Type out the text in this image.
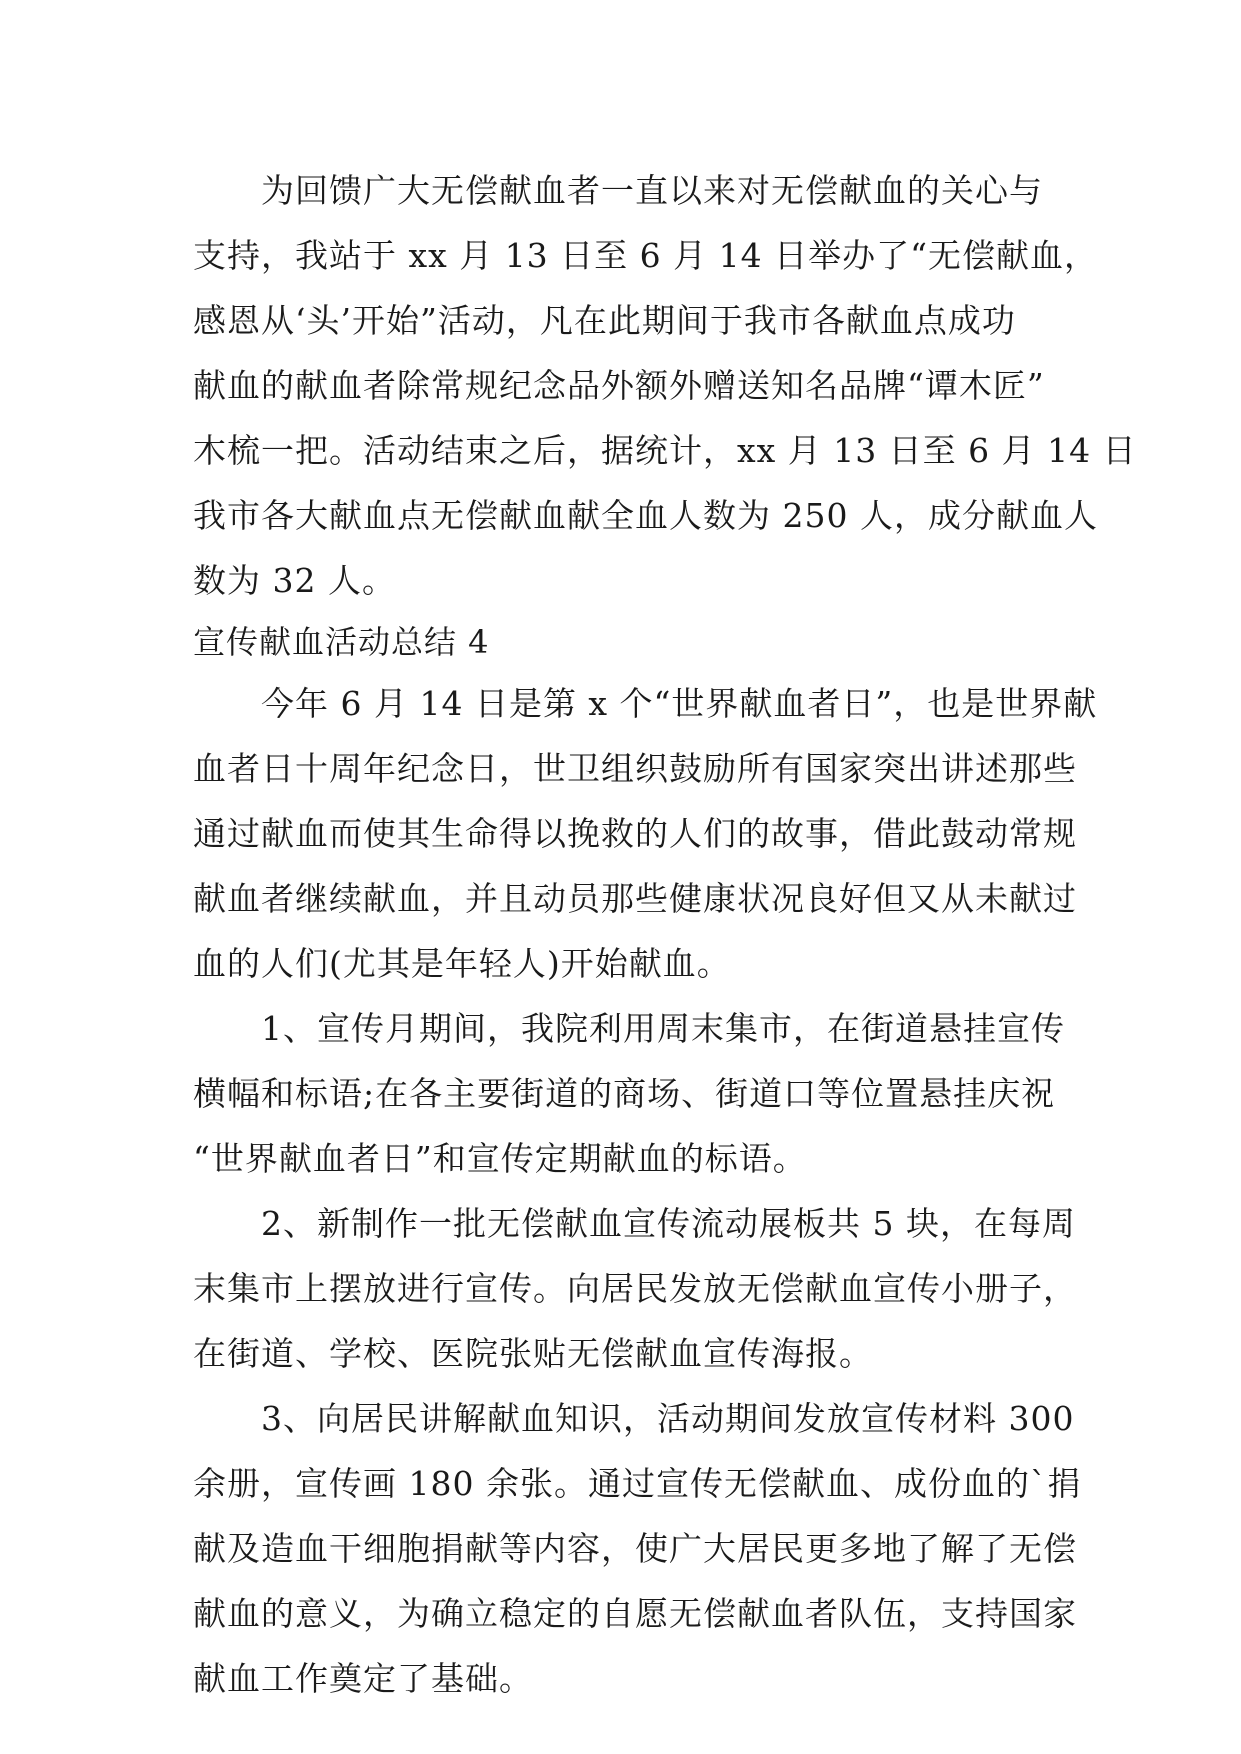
为回馈广大无偿献血者一直以来对无偿献血的关心与
支持，我站于 xx 月 13 日至 6 月 14 日举办了“无偿献血，
感恩从‘头’开始”活动，凡在此期间于我市各献血点成功
献血的献血者除常规纪念品外额外赠送知名品牌“谭木匠”
木梳一把。活动结束之后，据统计，xx 月 13 日至 6 月 14 日
我市各大献血点无偿献血献全血人数为 250 人，成分献血人
数为 32 人。
宣传献血活动总结 4
今年 6 月 14 日是第 x 个“世界献血者日”，也是世界献
血者日十周年纪念日，世卫组织鼓励所有国家突出讲述那些
通过献血而使其生命得以挽救的人们的故事，借此鼓动常规
献血者继续献血，并且动员那些健康状况良好但又从未献过
血的人们(尤其是年轻人)开始献血。
1、宣传月期间，我院利用周末集市，在街道悬挂宣传
横幅和标语;在各主要街道的商场、街道口等位置悬挂庆祝
“世界献血者日”和宣传定期献血的标语。
2、新制作一批无偿献血宣传流动展板共 5 块，在每周
末集市上摆放进行宣传。向居民发放无偿献血宣传小册子，
在街道、学校、医院张贴无偿献血宣传海报。
3、向居民讲解献血知识，活动期间发放宣传材料 300
余册，宣传画 180 余张。通过宣传无偿献血、成份血的`捐
献及造血干细胞捐献等内容，使广大居民更多地了解了无偿
献血的意义，为确立稳定的自愿无偿献血者队伍，支持国家
献血工作奠定了基础。
